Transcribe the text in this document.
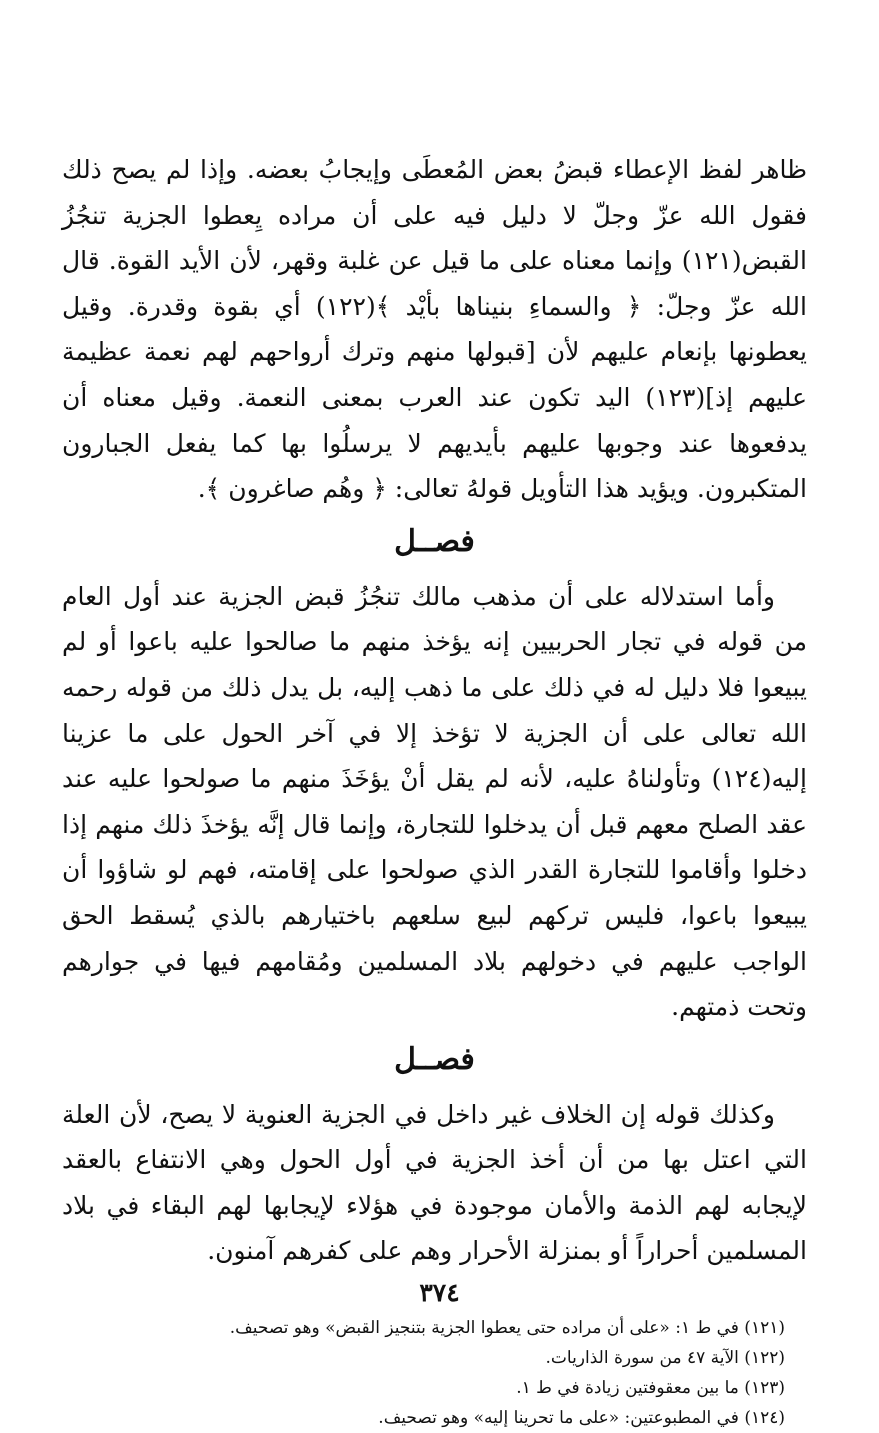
ظاهر لفظ الإعطاء قبضُ بعض المُعطَى وإيجابُ بعضه. وإذا لم يصح ذلك فقول الله عزّ وجلّ لا دليل فيه على أن مراده يِعطوا الجزية تنجُزُ القبض(١٢١) وإنما معناه على ما قيل عن غلبة وقهر، لأن الأيد القوة. قال الله عزّ وجلّ: ﴿ والسماءِ بنيناها بأيْد ﴾(١٢٢) أي بقوة وقدرة. وقيل يعطونها بإنعام عليهم لأن [قبولها منهم وترك أرواحهم لهم نعمة عظيمة عليهم إذ](١٢٣) اليد تكون عند العرب بمعنى النعمة. وقيل معناه أن يدفعوها عند وجوبها عليهم بأيديهم لا يرسلُوا بها كما يفعل الجبارون المتكبرون. ويؤيد هذا التأويل قولهُ تعالى: ﴿ وهُم صاغرون ﴾.

فصــل

وأما استدلاله على أن مذهب مالك تنجُزُ قبض الجزية عند أول العام من قوله في تجار الحربيين إنه يؤخذ منهم ما صالحوا عليه باعوا أو لم يبيعوا فلا دليل له في ذلك على ما ذهب إليه، بل يدل ذلك من قوله رحمه الله تعالى على أن الجزية لا تؤخذ إلا في آخر الحول على ما عزينا إليه(١٢٤) وتأولناهُ عليه، لأنه لم يقل أنْ يؤخَذَ منهم ما صولحوا عليه عند عقد الصلح معهم قبل أن يدخلوا للتجارة، وإنما قال إنَّه يؤخذَ ذلك منهم إذا دخلوا وأقاموا للتجارة القدر الذي صولحوا على إقامته، فهم لو شاؤوا أن يبيعوا باعوا، فليس تركهم لبيع سلعهم باختيارهم بالذي يُسقط الحق الواجب عليهم في دخولهم بلاد المسلمين ومُقامهم فيها في جوارهم وتحت ذمتهم.

فصــل

وكذلك قوله إن الخلاف غير داخل في الجزية العنوية لا يصح، لأن العلة التي اعتل بها من أن أخذ الجزية في أول الحول وهي الانتفاع بالعقد لإيجابه لهم الذمة والأمان موجودة في هؤلاء لإيجابها لهم البقاء في بلاد المسلمين أحراراً أو بمنزلة الأحرار وهم على كفرهم آمنون.

(١٢١) في ط ١: «على أن مراده حتى يعطوا الجزية بتنجيز القبض» وهو تصحيف.
(١٢٢) الآية ٤٧ من سورة الذاريات.
(١٢٣) ما بين معقوفتين زيادة في ط ١.
(١٢٤) في المطبوعتين: «على ما تحرينا إليه» وهو تصحيف.
٣٧٤
